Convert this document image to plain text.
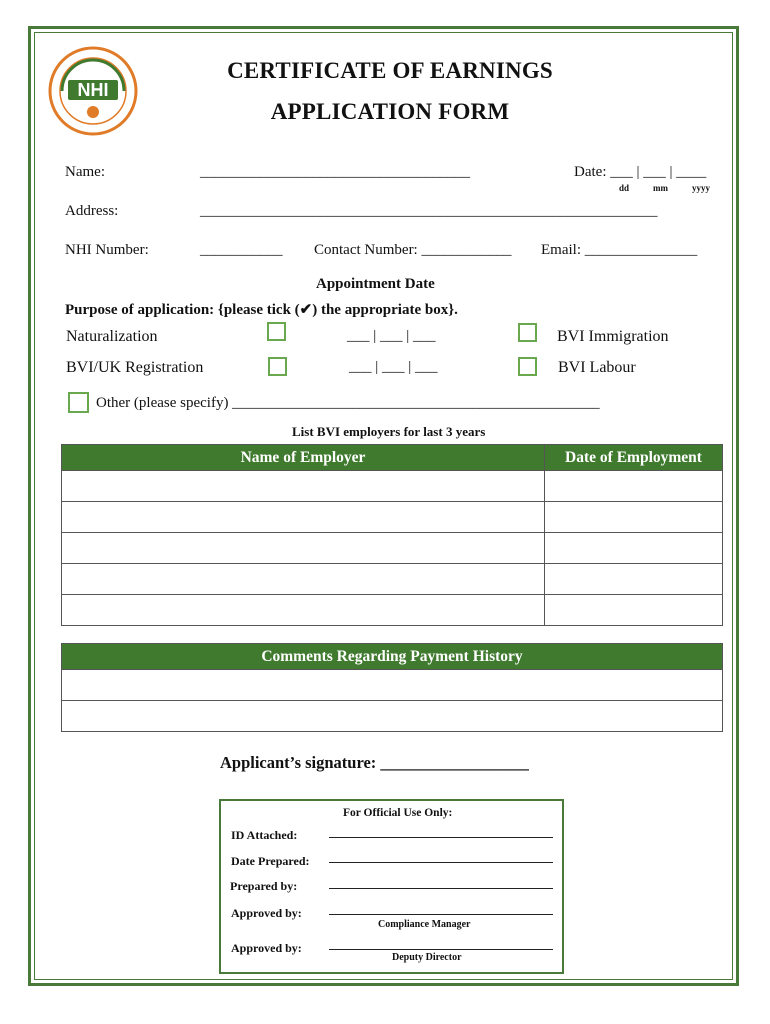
NHI
CERTIFICATE OF EARNINGS
APPLICATION FORM
Name:	____________________________________	Date: ___ | ___ | ____
dd	mm	yyyy
Address:	_____________________________________________________________
NHI Number:	___________ Contact Number: ____________ Email: _______________
Appointment Date
Purpose of application: {please tick (✔) the appropriate box}.
Naturalization	___ | ___ | ___	BVI Immigration
BVI/UK Registration	___ | ___ | ___	BVI Labour
Other (please specify) _________________________________________________
List BVI employers for last 3 years
Name of Employer	Date of Employment

Comments Regarding Payment History

Applicant’s signature: __________________
For Official Use Only:
ID Attached:
Date Prepared:
Prepared by:
Approved by:
Compliance Manager
Approved by:
Deputy Director
